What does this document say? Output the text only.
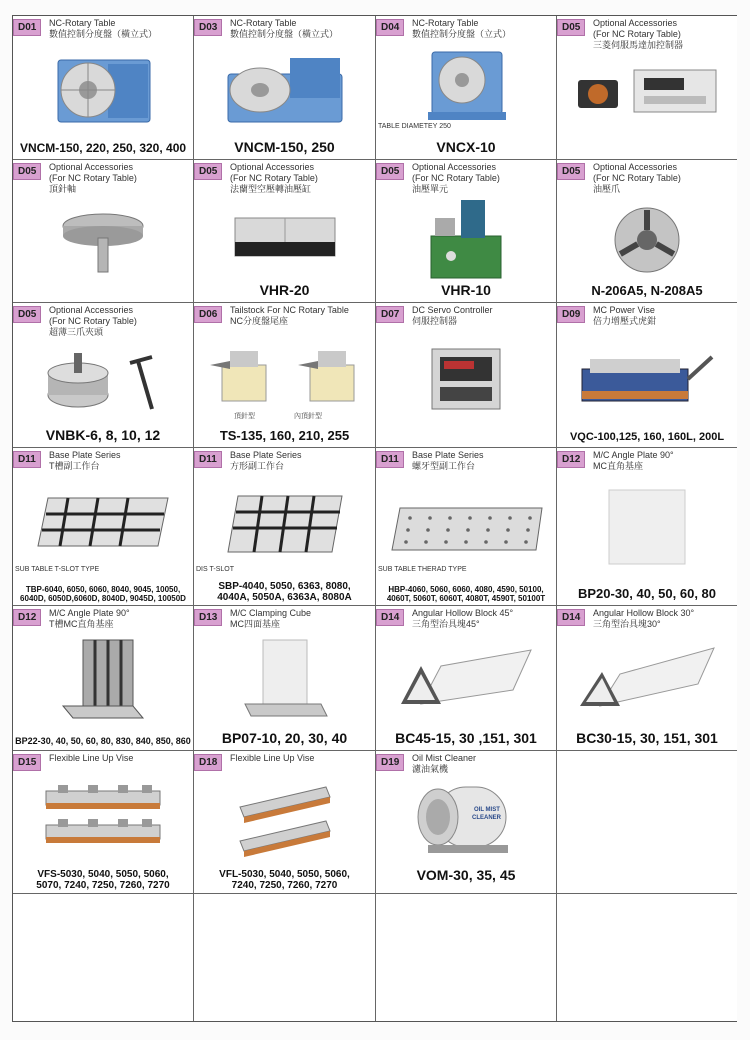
D01	NC-Rotary Table
數值控制分度盤（橫立式）
VNCM-150, 220, 250, 320, 400
D03	NC-Rotary Table
數值控制分度盤（橫立式）
VNCM-150, 250
D04	NC-Rotary Table
數值控制分度盤（立式）
TABLE DIAMETEY 250
VNCX-10
D05	Optional Accessories
(For NC Rotary Table)
三菱伺服馬達加控制器
D05	Optional Accessories
(For NC Rotary Table)
頂針軸
D05	Optional Accessories
(For NC Rotary Table)
法蘭型空壓轉油壓缸
VHR-20
D05	Optional Accessories
(For NC Rotary Table)
油壓單元
VHR-10
D05	Optional Accessories
(For NC Rotary Table)
油壓爪
N-206A5, N-208A5
D05	Optional Accessories
(For NC Rotary Table)
超薄三爪夾頭
VNBK-6, 8, 10, 12
D06	Tailstock For NC Rotary Table
NC分度盤尾座
頂針型	內頂針型
TS-135, 160, 210, 255
D07	DC Servo Controller
伺服控制器
D09	MC Power Vise
倍力增壓式虎鉗
VQC-100,125, 160, 160L, 200L
D11	Base Plate Series
T槽副工作台
SUB TABLE T-SLOT TYPE
TBP-6040, 6050, 6060, 8040, 9045, 10050,
6040D, 6050D,6060D, 8040D, 9045D, 10050D
D11	Base Plate Series
方形副工作台
DIS T-SLOT
SBP-4040, 5050, 6363, 8080,
4040A, 5050A, 6363A, 8080A
D11	Base Plate Series
螺牙型副工作台
SUB TABLE THERAD TYPE
HBP-4060, 5060, 6060, 4080, 4590, 50100,
4060T, 5060T, 6060T, 4080T, 4590T, 50100T
D12	M/C Angle Plate 90°
MC直角基座
BP20-30, 40, 50, 60, 80
D12	M/C Angle Plate 90°
T槽MC直角基座
BP22-30, 40, 50, 60, 80, 830, 840, 850, 860
D13	M/C Clamping Cube
MC四面基座
BP07-10, 20, 30, 40
D14	Angular Hollow Block 45°
三角型治具塊45°
BC45-15, 30 ,151, 301
D14	Angular Hollow Block 30°
三角型治具塊30°
BC30-15, 30, 151, 301
D15	Flexible Line Up Vise
VFS-5030, 5040, 5050, 5060,
5070, 7240, 7250, 7260, 7270
D18	Flexible Line Up Vise
VFL-5030, 5040, 5050, 5060,
7240, 7250, 7260, 7270
D19	Oil Mist Cleaner
濾油氣機
OIL MIST
CLEANER
VOM-30, 35, 45
